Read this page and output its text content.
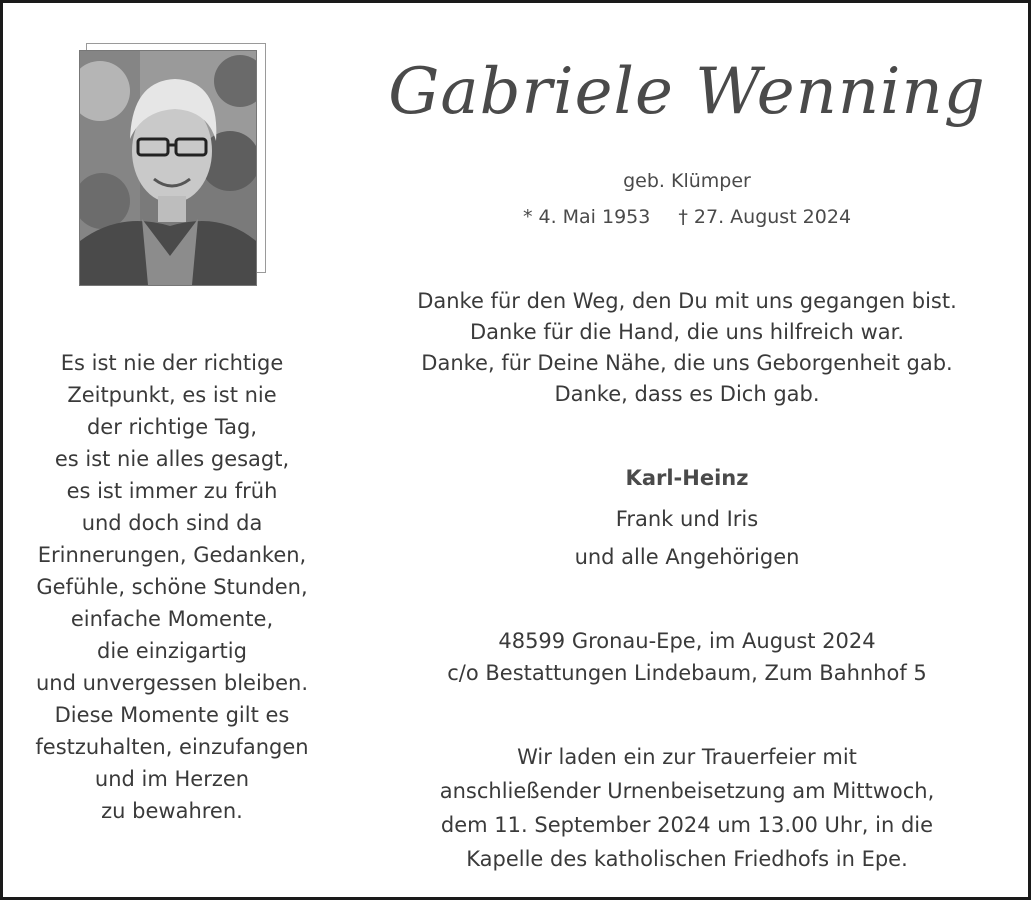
Es ist nie der richtige
Zeitpunkt, es ist nie
der richtige Tag,
es ist nie alles gesagt,
es ist immer zu früh
und doch sind da
Erinnerungen, Gedanken,
Gefühle, schöne Stunden,
einfache Momente,
die einzigartig
und unvergessen bleiben.
Diese Momente gilt es
festzuhalten, einzufangen
und im Herzen
zu bewahren.
Gabriele Wenning
geb. Klümper
* 4. Mai 1953 † 27. August 2024
Danke für den Weg, den Du mit uns gegangen bist.
Danke für die Hand, die uns hilfreich war.
Danke, für Deine Nähe, die uns Geborgenheit gab.
Danke, dass es Dich gab.
Karl-Heinz
Frank und Iris
und alle Angehörigen
48599 Gronau-Epe, im August 2024
c/o Bestattungen Lindebaum, Zum Bahnhof 5
Wir laden ein zur Trauerfeier mit
anschließender Urnenbeisetzung am Mittwoch,
dem 11. September 2024 um 13.00 Uhr, in die
Kapelle des katholischen Friedhofs in Epe.
